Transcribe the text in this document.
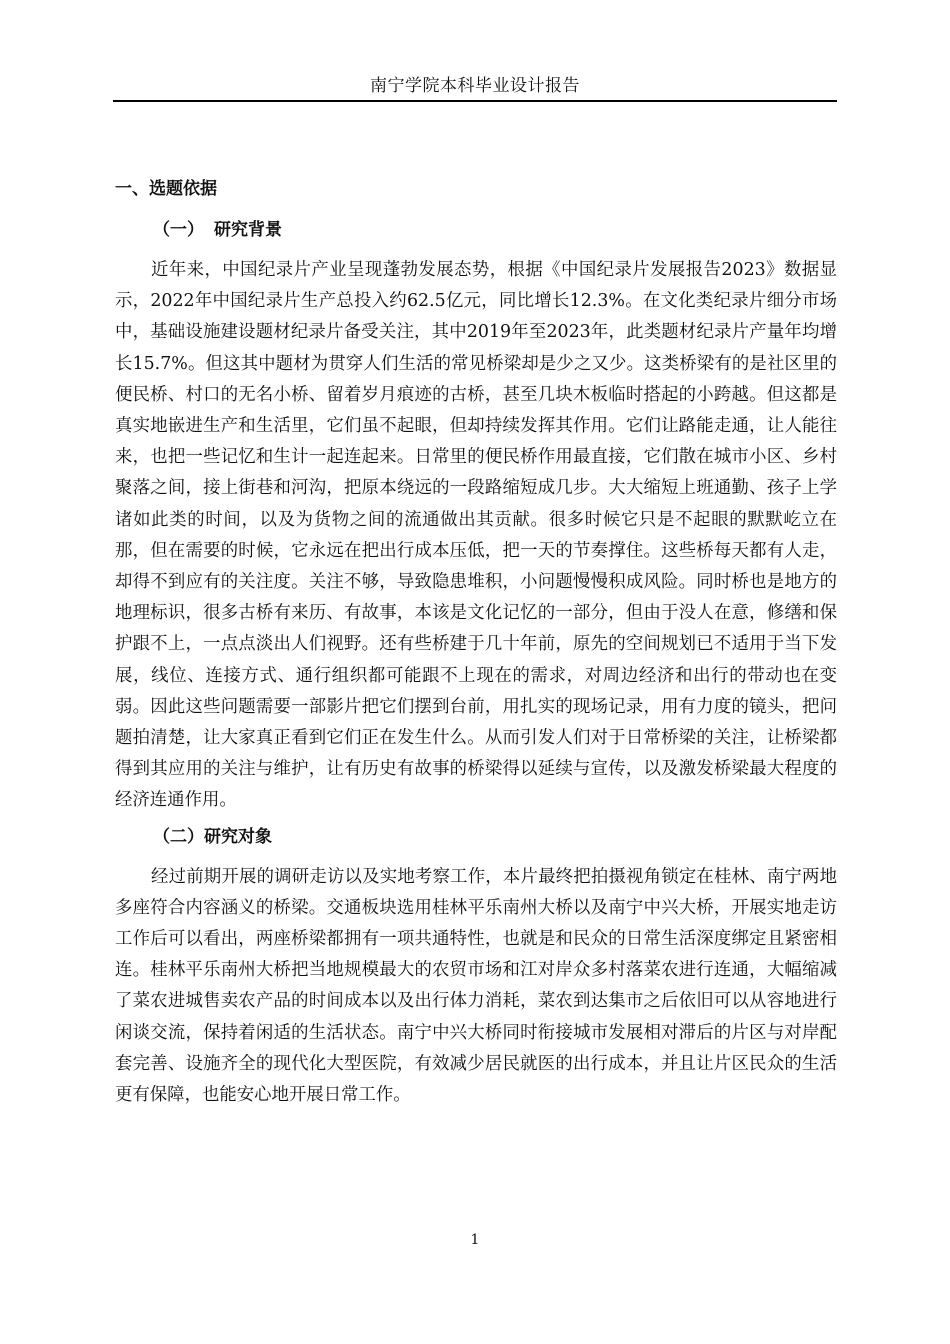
南宁学院本科毕业设计报告
一、选题依据
（一） 研究背景

近年来，中国纪录片产业呈现蓬勃发展态势，根据《中国纪录片发展报告2023》数据显示，2022年中国纪录片生产总投入约62.5亿元，同比增长12.3%。在文化类纪录片细分市场中，基础设施建设题材纪录片备受关注，其中2019年至2023年，此类题材纪录片产量年均增长15.7%。但这其中题材为贯穿人们生活的常见桥梁却是少之又少。这类桥梁有的是社区里的便民桥、村口的无名小桥、留着岁月痕迹的古桥，甚至几块木板临时搭起的小跨越。但这都是真实地嵌进生产和生活里，它们虽不起眼，但却持续发挥其作用。它们让路能走通，让人能往来，也把一些记忆和生计一起连起来。日常里的便民桥作用最直接，它们散在城市小区、乡村聚落之间，接上街巷和河沟，把原本绕远的一段路缩短成几步。大大缩短上班通勤、孩子上学诸如此类的时间，以及为货物之间的流通做出其贡献。很多时候它只是不起眼的默默屹立在那，但在需要的时候，它永远在把出行成本压低，把一天的节奏撑住。这些桥每天都有人走，却得不到应有的关注度。关注不够，导致隐患堆积，小问题慢慢积成风险。同时桥也是地方的地理标识，很多古桥有来历、有故事，本该是文化记忆的一部分，但由于没人在意，修缮和保护跟不上，一点点淡出人们视野。还有些桥建于几十年前，原先的空间规划已不适用于当下发展，线位、连接方式、通行组织都可能跟不上现在的需求，对周边经济和出行的带动也在变弱。因此这些问题需要一部影片把它们摆到台前，用扎实的现场记录，用有力度的镜头，把问题拍清楚，让大家真正看到它们正在发生什么。从而引发人们对于日常桥梁的关注，让桥梁都得到其应用的关注与维护，让有历史有故事的桥梁得以延续与宣传，以及激发桥梁最大程度的经济连通作用。

（二）研究对象

经过前期开展的调研走访以及实地考察工作，本片最终把拍摄视角锁定在桂林、南宁两地多座符合内容涵义的桥梁。交通板块选用桂林平乐南州大桥以及南宁中兴大桥，开展实地走访工作后可以看出，两座桥梁都拥有一项共通特性，也就是和民众的日常生活深度绑定且紧密相连。桂林平乐南州大桥把当地规模最大的农贸市场和江对岸众多村落菜农进行连通，大幅缩减了菜农进城售卖农产品的时间成本以及出行体力消耗，菜农到达集市之后依旧可以从容地进行闲谈交流，保持着闲适的生活状态。南宁中兴大桥同时衔接城市发展相对滞后的片区与对岸配套完善、设施齐全的现代化大型医院，有效减少居民就医的出行成本，并且让片区民众的生活更有保障，也能安心地开展日常工作。

1
